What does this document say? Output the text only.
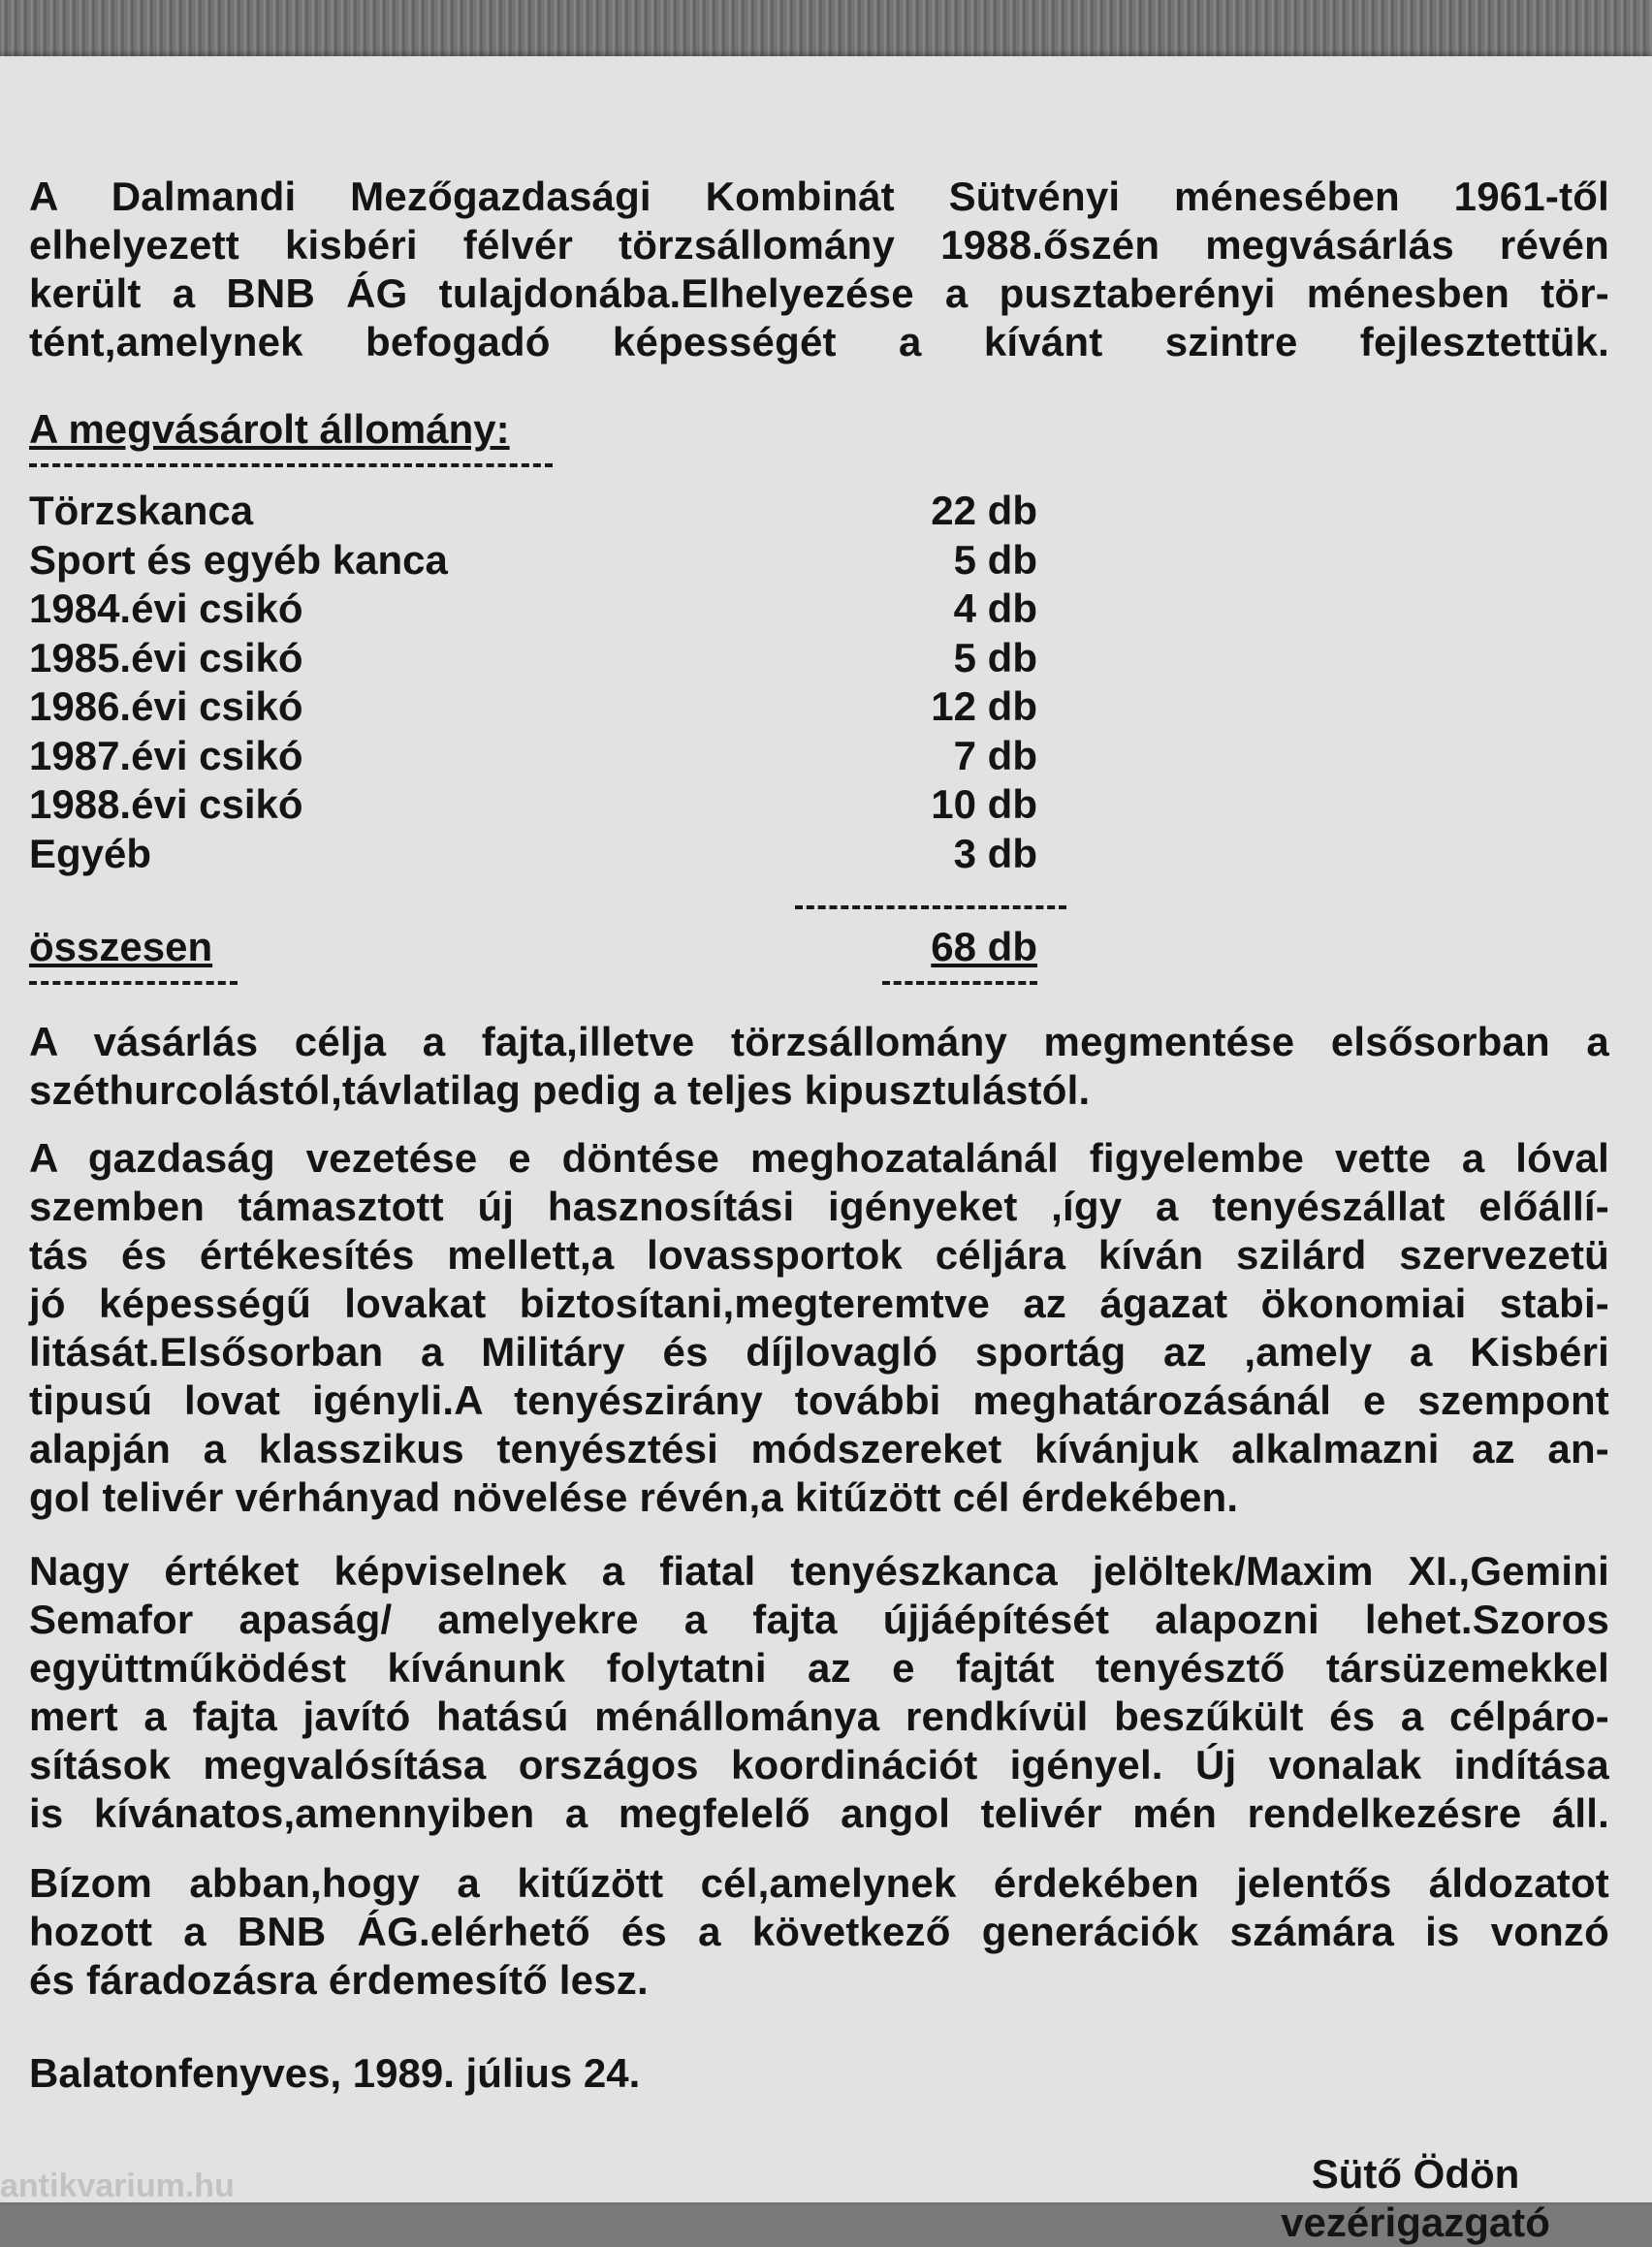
A Dalmandi Mezőgazdasági Kombinát Sütvényi ménesében 1961-től

elhelyezett kisbéri félvér törzsállomány 1988.őszén megvásárlás révén

került a BNB ÁG tulajdonába.Elhelyezése a pusztaberényi ménesben tör-

tént,amelynek befogadó képességét a kívánt szintre fejlesztettük.

A megvásárolt állomány:
Törzskanca	22 db
Sport és egyéb kanca	5 db
1984.évi csikó	4 db
1985.évi csikó	5 db
1986.évi csikó	12 db
1987.évi csikó	7 db
1988.évi csikó	10 db
Egyéb	3 db
összesen	68 db

A vásárlás célja a fajta,illetve törzsállomány megmentése elsősorban a

széthurcolástól,távlatilag pedig a teljes kipusztulástól.

A gazdaság vezetése e döntése meghozatalánál figyelembe vette a lóval

szemben támasztott új hasznosítási igényeket ,így a tenyészállat előállí-

tás és értékesítés mellett,a lovassportok céljára kíván szilárd szervezetü

jó képességű lovakat biztosítani,megteremtve az ágazat ökonomiai stabi-

litását.Elsősorban a Militáry és díjlovagló sportág az ,amely a Kisbéri

tipusú lovat igényli.A tenyészirány további meghatározásánál e szempont

alapján a klasszikus tenyésztési módszereket kívánjuk alkalmazni az an-

gol telivér vérhányad növelése révén,a kitűzött cél érdekében.

Nagy értéket képviselnek a fiatal tenyészkanca jelöltek/Maxim XI.,Gemini

Semafor apaság/ amelyekre a fajta újjáépítését alapozni lehet.Szoros

együttműködést kívánunk folytatni az e fajtát tenyésztő társüzemekkel

mert a fajta javító hatású ménállománya rendkívül beszűkült és a célpáro-

sítások megvalósítása országos koordinációt igényel. Új vonalak indítása

is kívánatos,amennyiben a megfelelő angol telivér mén rendelkezésre áll.

Bízom abban,hogy a kitűzött cél,amelynek érdekében jelentős áldozatot

hozott a BNB ÁG.elérhető és a következő generációk számára is vonzó

és fáradozásra érdemesítő lesz.

Balatonfenyves, 1989. július 24.
Sütő Ödön
vezérigazgató
antikvarium.hu
